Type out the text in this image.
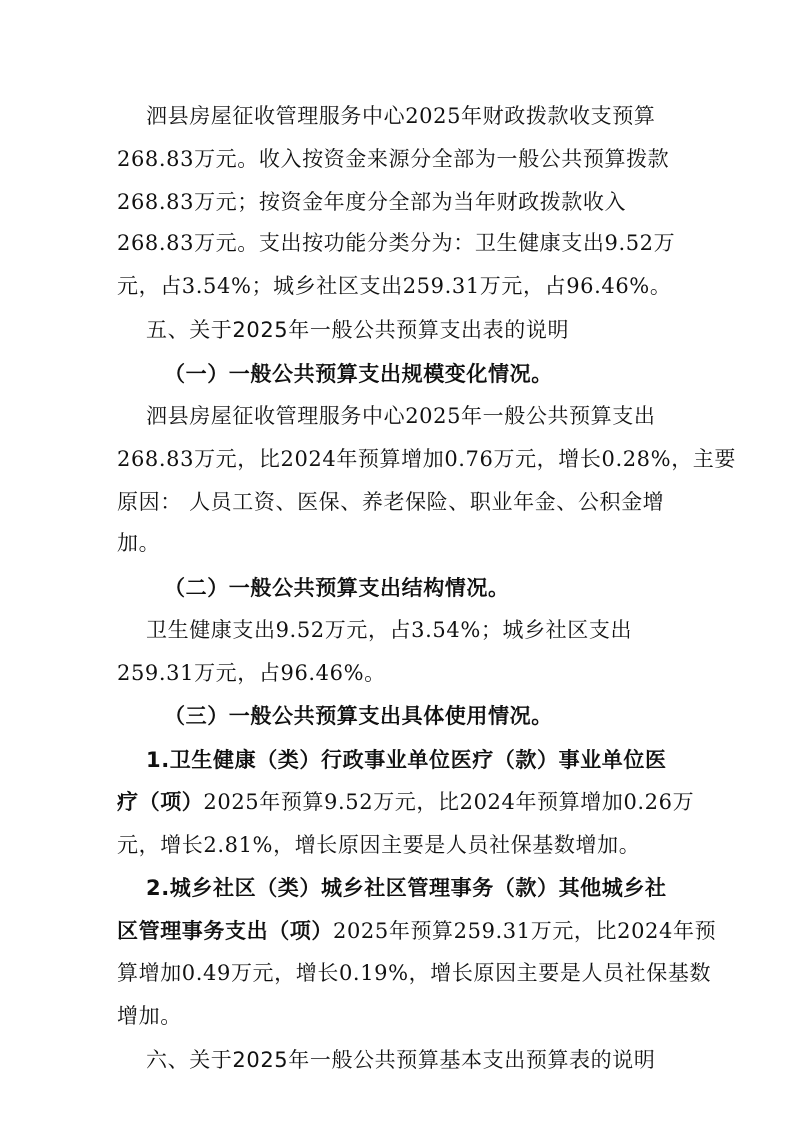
泗县房屋征收管理服务中心2025年财政拨款收支预算
268.83万元。收入按资金来源分全部为一般公共预算拨款
268.83万元；按资金年度分全部为当年财政拨款收入
268.83万元。支出按功能分类分为：卫生健康支出9.52万
元，占3.54%；城乡社区支出259.31万元，占96.46%。
五、关于2025年一般公共预算支出表的说明
（一）一般公共预算支出规模变化情况。
泗县房屋征收管理服务中心2025年一般公共预算支出
268.83万元，比2024年预算增加0.76万元，增长0.28%，主要
原因： 人员工资、医保、养老保险、职业年金、公积金增
加。
（二）一般公共预算支出结构情况。
卫生健康支出9.52万元，占3.54%；城乡社区支出
259.31万元，占96.46%。
（三）一般公共预算支出具体使用情况。
1.卫生健康（类）行政事业单位医疗（款）事业单位医
疗（项）2025年预算9.52万元，比2024年预算增加0.26万
元，增长2.81%，增长原因主要是人员社保基数增加。
2.城乡社区（类）城乡社区管理事务（款）其他城乡社
区管理事务支出（项）2025年预算259.31万元，比2024年预
算增加0.49万元，增长0.19%，增长原因主要是人员社保基数
增加。
六、关于2025年一般公共预算基本支出预算表的说明
